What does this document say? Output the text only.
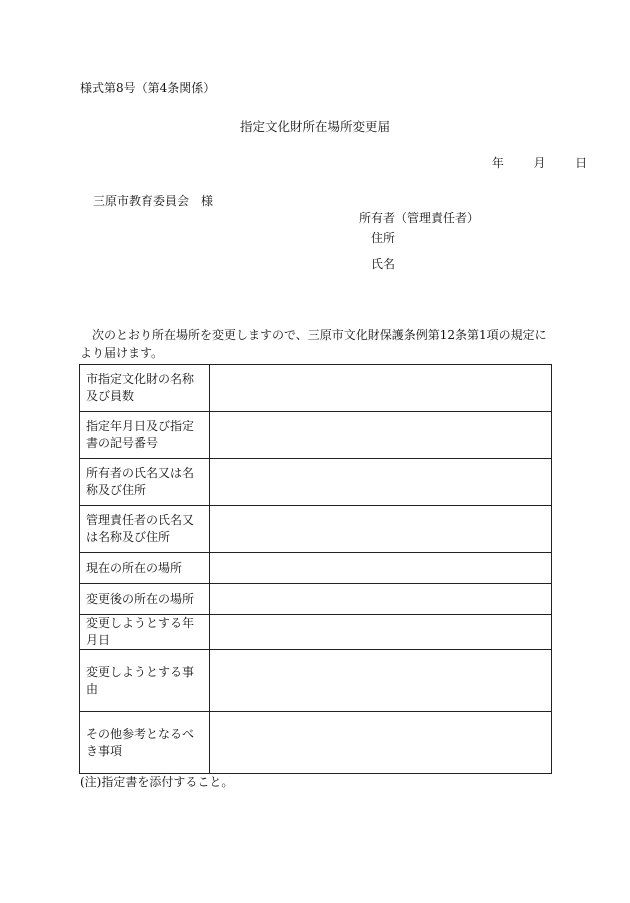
様式第8号（第4条関係）
指定文化財所在場所変更届
年 月 日
三原市教育委員会　様
所有者（管理責任者）
住所
氏名
次のとおり所在場所を変更しますので、三原市文化財保護条例第12条第1項の規定により届けます。
市指定文化財の名称及び員数	
指定年月日及び指定書の記号番号	
所有者の氏名又は名称及び住所	
管理責任者の氏名又は名称及び住所	
現在の所在の場所	
変更後の所在の場所	
変更しようとする年月日	
変更しようとする事由	
その他参考となるべき事項	
(注)指定書を添付すること。
